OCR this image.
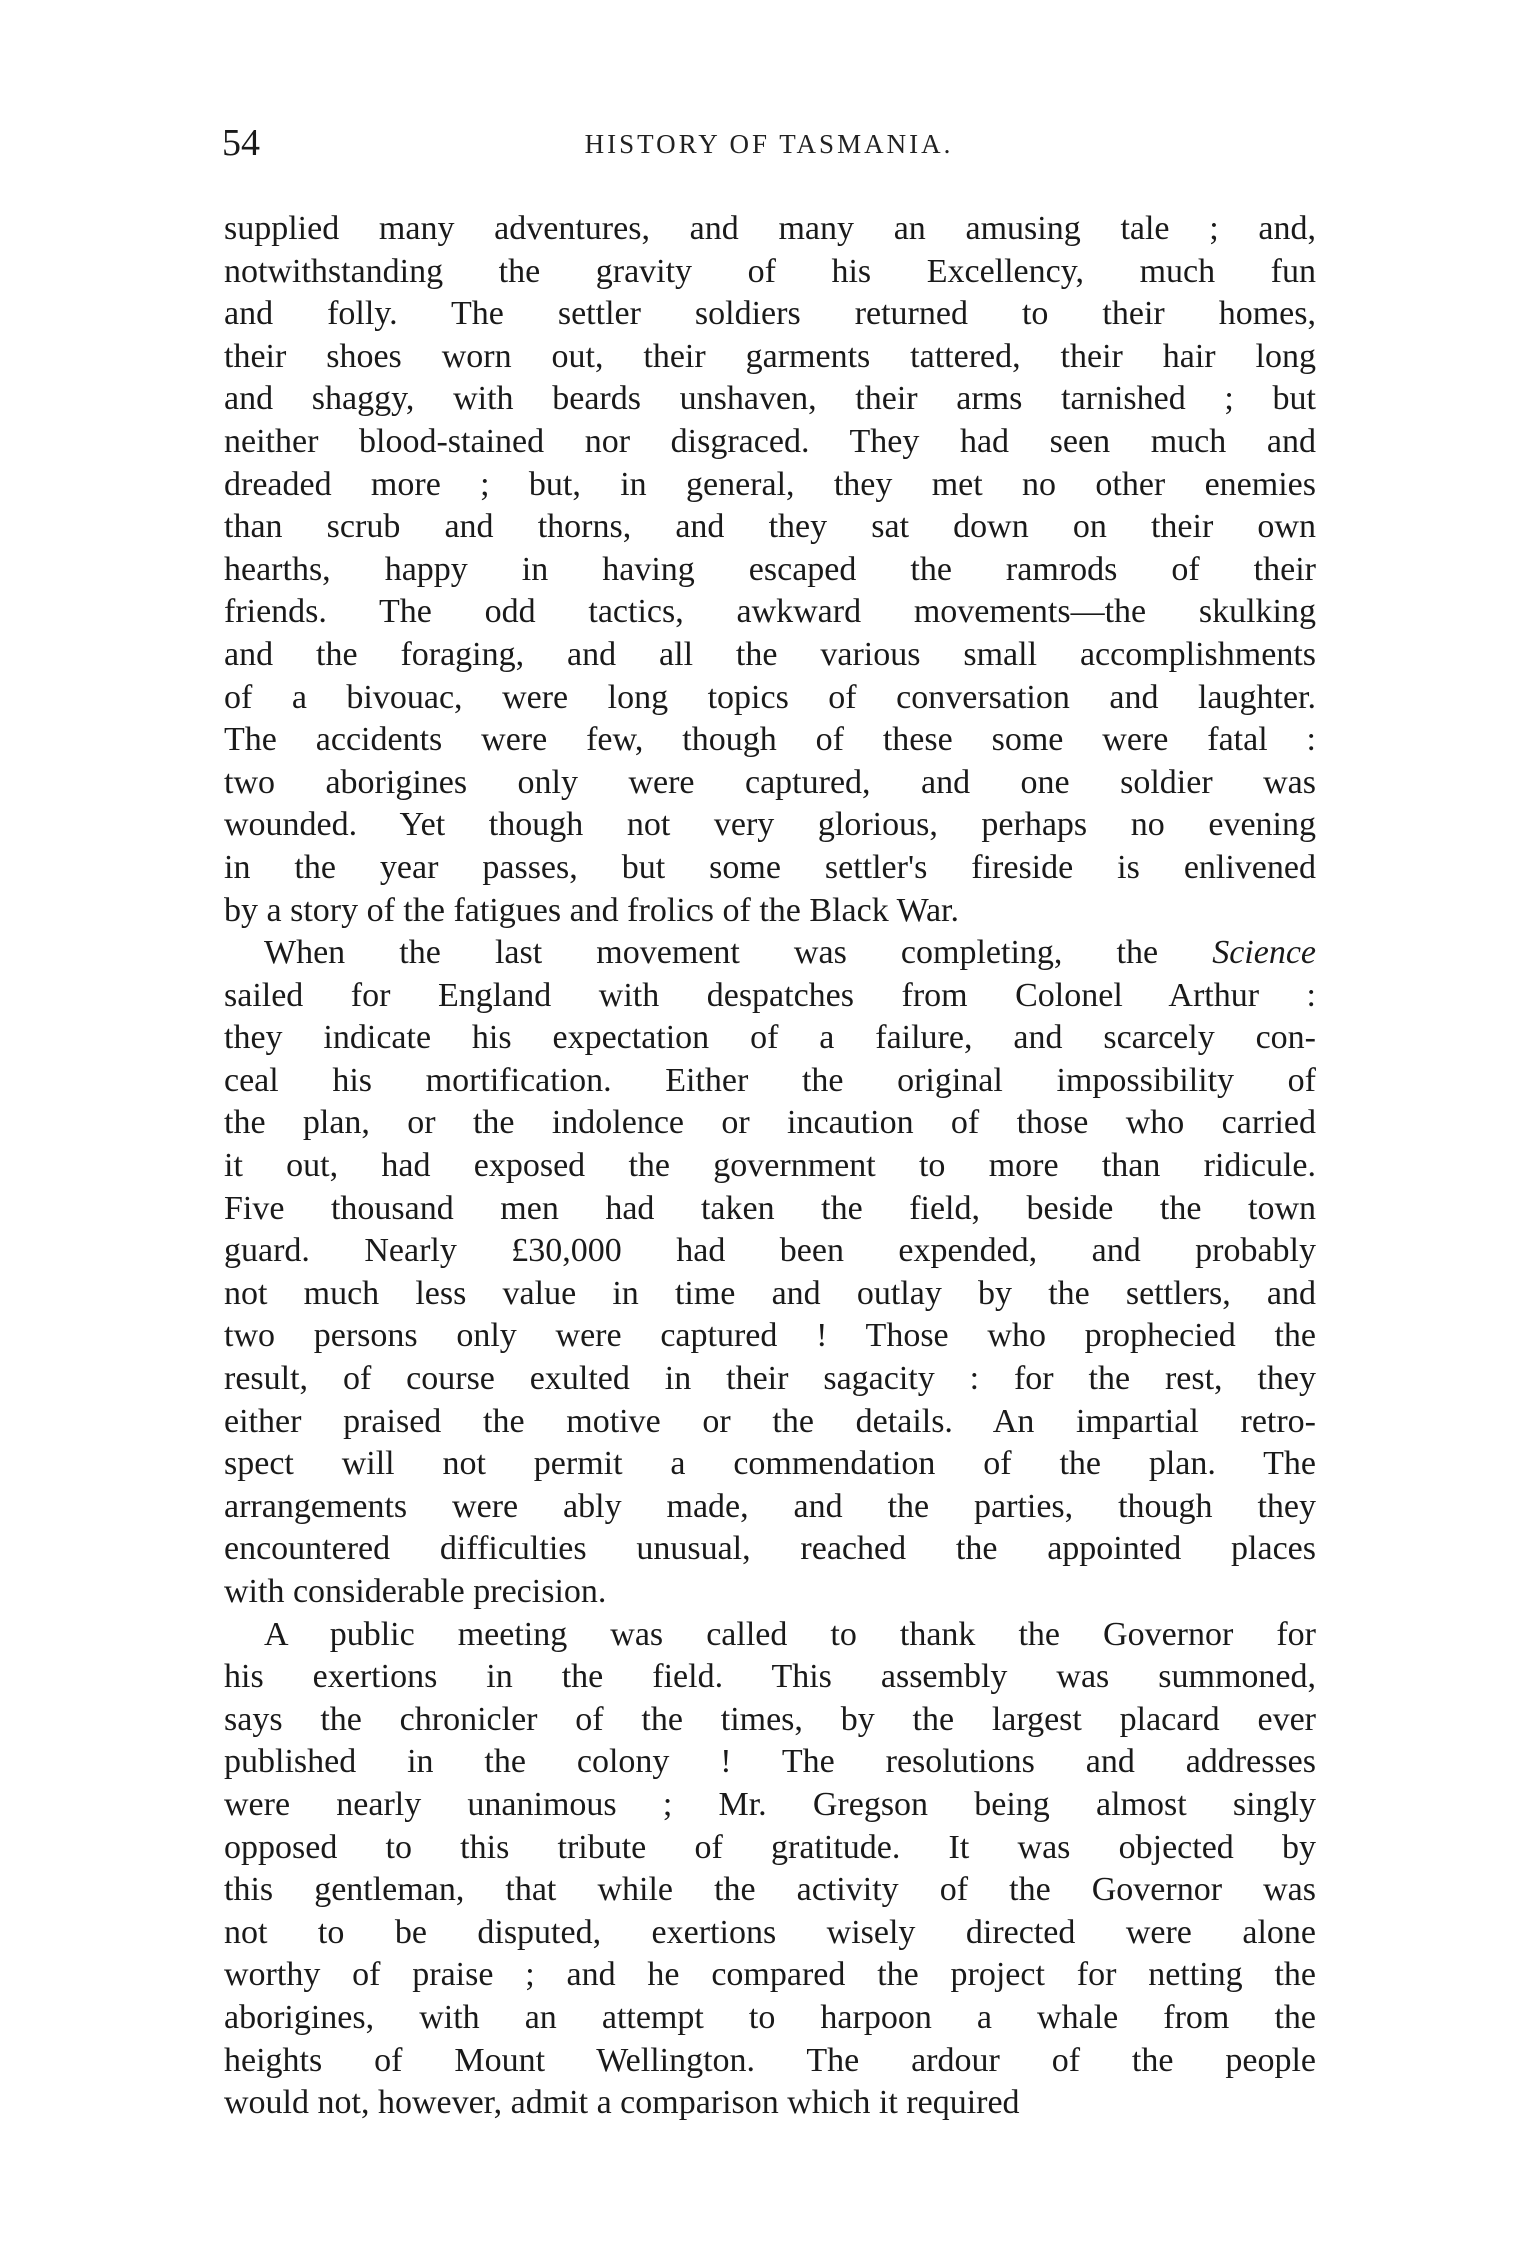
54	HISTORY OF TASMANIA.
supplied many adventures, and many an amusing tale ; and,
notwithstanding the gravity of his Excellency, much fun
and folly. The settler soldiers returned to their homes,
their shoes worn out, their garments tattered, their hair long
and shaggy, with beards unshaven, their arms tarnished ; but
neither blood-stained nor disgraced. They had seen much and
dreaded more ; but, in general, they met no other enemies
than scrub and thorns, and they sat down on their own
hearths, happy in having escaped the ramrods of their
friends. The odd tactics, awkward movements—the skulking
and the foraging, and all the various small accomplishments
of a bivouac, were long topics of conversation and laughter.
The accidents were few, though of these some were fatal :
two aborigines only were captured, and one soldier was
wounded. Yet though not very glorious, perhaps no evening
in the year passes, but some settler's fireside is enlivened
by a story of the fatigues and frolics of the Black War.
When the last movement was completing, the Science
sailed for England with despatches from Colonel Arthur :
they indicate his expectation of a failure, and scarcely con-
ceal his mortification. Either the original impossibility of
the plan, or the indolence or incaution of those who carried
it out, had exposed the government to more than ridicule.
Five thousand men had taken the field, beside the town
guard. Nearly £30,000 had been expended, and probably
not much less value in time and outlay by the settlers, and
two persons only were captured ! Those who prophecied the
result, of course exulted in their sagacity : for the rest, they
either praised the motive or the details. An impartial retro-
spect will not permit a commendation of the plan. The
arrangements were ably made, and the parties, though they
encountered difficulties unusual, reached the appointed places
with considerable precision.
A public meeting was called to thank the Governor for
his exertions in the field. This assembly was summoned,
says the chronicler of the times, by the largest placard ever
published in the colony ! The resolutions and addresses
were nearly unanimous ; Mr. Gregson being almost singly
opposed to this tribute of gratitude. It was objected by
this gentleman, that while the activity of the Governor was
not to be disputed, exertions wisely directed were alone
worthy of praise ; and he compared the project for netting the
aborigines, with an attempt to harpoon a whale from the
heights of Mount Wellington. The ardour of the people
would not, however, admit a comparison which it required
